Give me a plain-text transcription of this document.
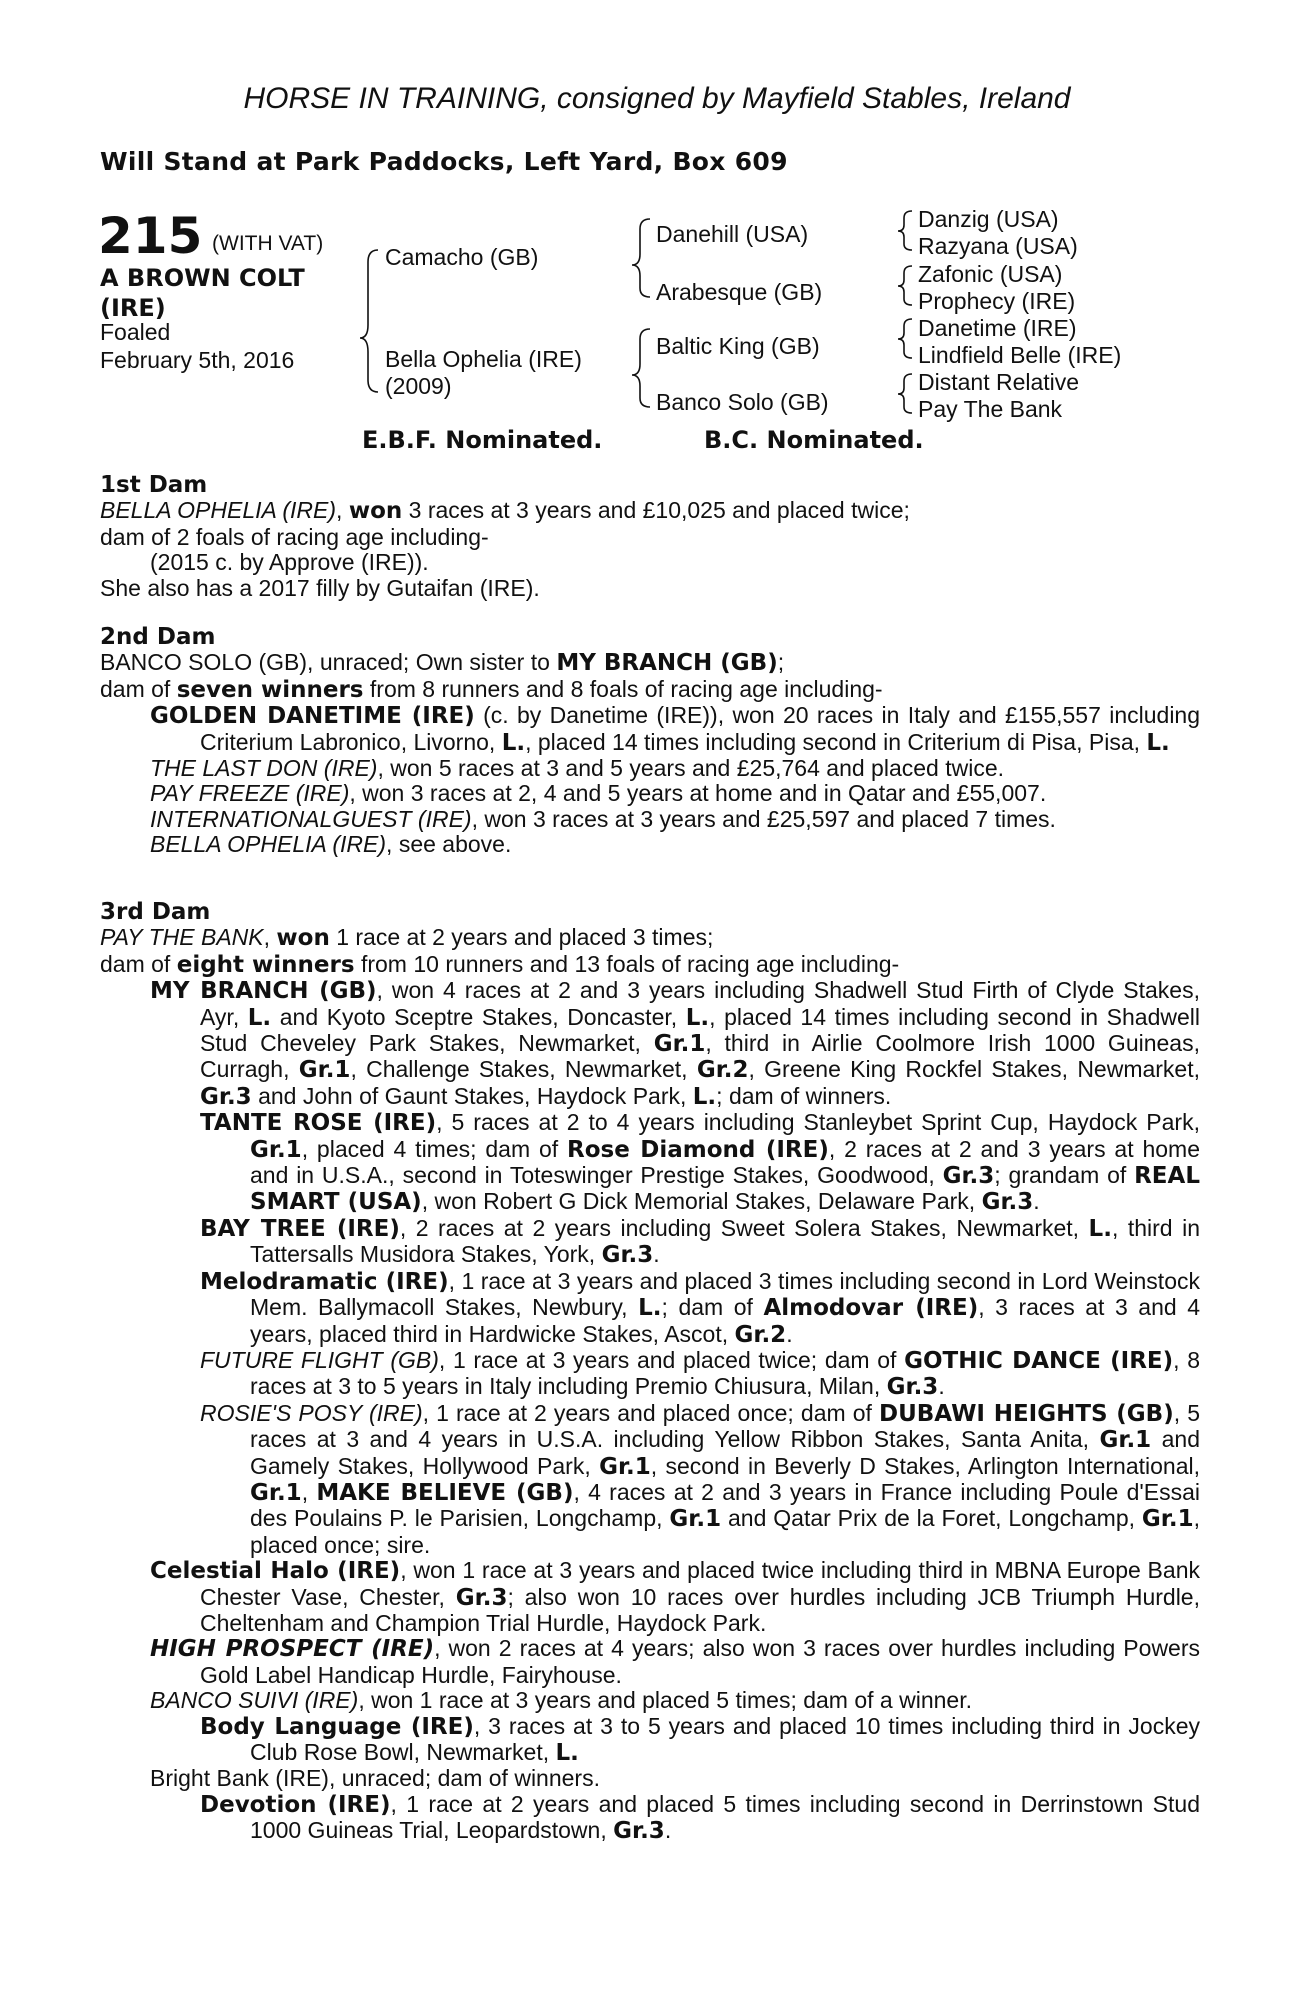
HORSE IN TRAINING, consigned by Mayfield Stables, Ireland
Will Stand at Park Paddocks, Left Yard, Box 609
215 (WITH VAT)
A BROWN COLT
(IRE)
Foaled
February 5th, 2016
Camacho (GB)
Bella Ophelia (IRE)
(2009)
Danehill (USA)
Arabesque (GB)
Baltic King (GB)
Banco Solo (GB)
Danzig (USA)
Razyana (USA)
Zafonic (USA)
Prophecy (IRE)
Danetime (IRE)
Lindfield Belle (IRE)
Distant Relative
Pay The Bank
E.B.F. Nominated.	B.C. Nominated.

1st Dam

BELLA OPHELIA (IRE), won 3 races at 3 years and £10,025 and placed twice;

dam of 2 foals of racing age including-

(2015 c. by Approve (IRE)).

She also has a 2017 filly by Gutaifan (IRE).

2nd Dam

BANCO SOLO (GB), unraced; Own sister to MY BRANCH (GB);

dam of seven winners from 8 runners and 8 foals of racing age including-

GOLDEN DANETIME (IRE) (c. by Danetime (IRE)), won 20 races in Italy and £155,557 including Criterium Labronico, Livorno, L., placed 14 times including second in Criterium di Pisa, Pisa, L.

THE LAST DON (IRE), won 5 races at 3 and 5 years and £25,764 and placed twice.

PAY FREEZE (IRE), won 3 races at 2, 4 and 5 years at home and in Qatar and £55,007.

INTERNATIONALGUEST (IRE), won 3 races at 3 years and £25,597 and placed 7 times.

BELLA OPHELIA (IRE), see above.

3rd Dam

PAY THE BANK, won 1 race at 2 years and placed 3 times;

dam of eight winners from 10 runners and 13 foals of racing age including-

MY BRANCH (GB), won 4 races at 2 and 3 years including Shadwell Stud Firth of Clyde Stakes, Ayr, L. and Kyoto Sceptre Stakes, Doncaster, L., placed 14 times including second in Shadwell Stud Cheveley Park Stakes, Newmarket, Gr.1, third in Airlie Coolmore Irish 1000 Guineas, Curragh, Gr.1, Challenge Stakes, Newmarket, Gr.2, Greene King Rockfel Stakes, Newmarket, Gr.3 and John of Gaunt Stakes, Haydock Park, L.; dam of winners.

TANTE ROSE (IRE), 5 races at 2 to 4 years including Stanleybet Sprint Cup, Haydock Park, Gr.1, placed 4 times; dam of Rose Diamond (IRE), 2 races at 2 and 3 years at home and in U.S.A., second in Toteswinger Prestige Stakes, Goodwood, Gr.3; grandam of REAL SMART (USA), won Robert G Dick Memorial Stakes, Delaware Park, Gr.3.

BAY TREE (IRE), 2 races at 2 years including Sweet Solera Stakes, Newmarket, L., third in Tattersalls Musidora Stakes, York, Gr.3.

Melodramatic (IRE), 1 race at 3 years and placed 3 times including second in Lord Weinstock Mem. Ballymacoll Stakes, Newbury, L.; dam of Almodovar (IRE), 3 races at 3 and 4 years, placed third in Hardwicke Stakes, Ascot, Gr.2.

FUTURE FLIGHT (GB), 1 race at 3 years and placed twice; dam of GOTHIC DANCE (IRE), 8 races at 3 to 5 years in Italy including Premio Chiusura, Milan, Gr.3.

ROSIE'S POSY (IRE), 1 race at 2 years and placed once; dam of DUBAWI HEIGHTS (GB), 5 races at 3 and 4 years in U.S.A. including Yellow Ribbon Stakes, Santa Anita, Gr.1 and Gamely Stakes, Hollywood Park, Gr.1, second in Beverly D Stakes, Arlington International, Gr.1, MAKE BELIEVE (GB), 4 races at 2 and 3 years in France including Poule d'Essai des Poulains P. le Parisien, Longchamp, Gr.1 and Qatar Prix de la Foret, Longchamp, Gr.1, placed once; sire.

Celestial Halo (IRE), won 1 race at 3 years and placed twice including third in MBNA Europe Bank Chester Vase, Chester, Gr.3; also won 10 races over hurdles including JCB Triumph Hurdle, Cheltenham and Champion Trial Hurdle, Haydock Park.

HIGH PROSPECT (IRE), won 2 races at 4 years; also won 3 races over hurdles including Powers Gold Label Handicap Hurdle, Fairyhouse.

BANCO SUIVI (IRE), won 1 race at 3 years and placed 5 times; dam of a winner.

Body Language (IRE), 3 races at 3 to 5 years and placed 10 times including third in Jockey Club Rose Bowl, Newmarket, L.

Bright Bank (IRE), unraced; dam of winners.

Devotion (IRE), 1 race at 2 years and placed 5 times including second in Derrinstown Stud 1000 Guineas Trial, Leopardstown, Gr.3.
